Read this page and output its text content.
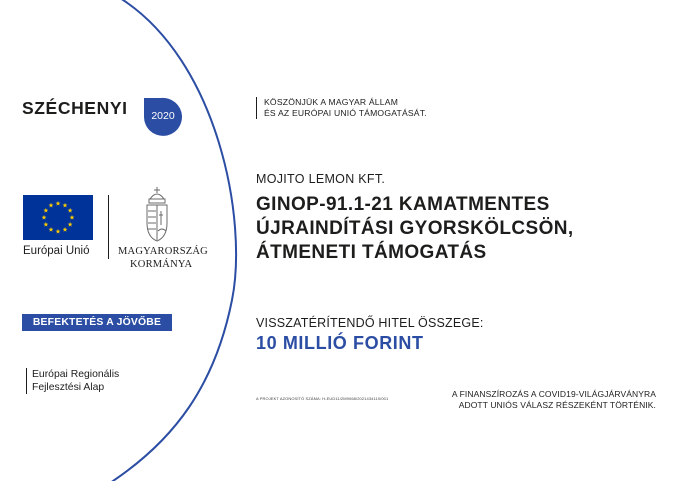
SZÉCHENYI 2020
KÖSZÖNJÜK A MAGYAR ÁLLAM
ÉS AZ EURÓPAI UNIÓ TÁMOGATÁSÁT.
Európai Unió	MAGYARORSZÁG
KORMÁNYA
BEFEKTETÉS A JÖVŐBE
Európai Regionális
Fejlesztési Alap
MOJITO LEMON KFT.
GINOP-91.1-21 KAMATMENTES
ÚJRAINDÍTÁSI GYORSKÖLCSÖN,
ÁTMENETI TÁMOGATÁS
VISSZATÉRÍTENDŐ HITEL ÖSSZEGE:
10 MILLIÓ FORINT
A PROJEKT AZONOSÍTÓ SZÁMA: H-EUD11/2M9068/2021434110/001	A FINANSZÍROZÁS A COVID19-VILÁGJÁRVÁNYRA
ADOTT UNIÓS VÁLASZ RÉSZEKÉNT TÖRTÉNIK.
